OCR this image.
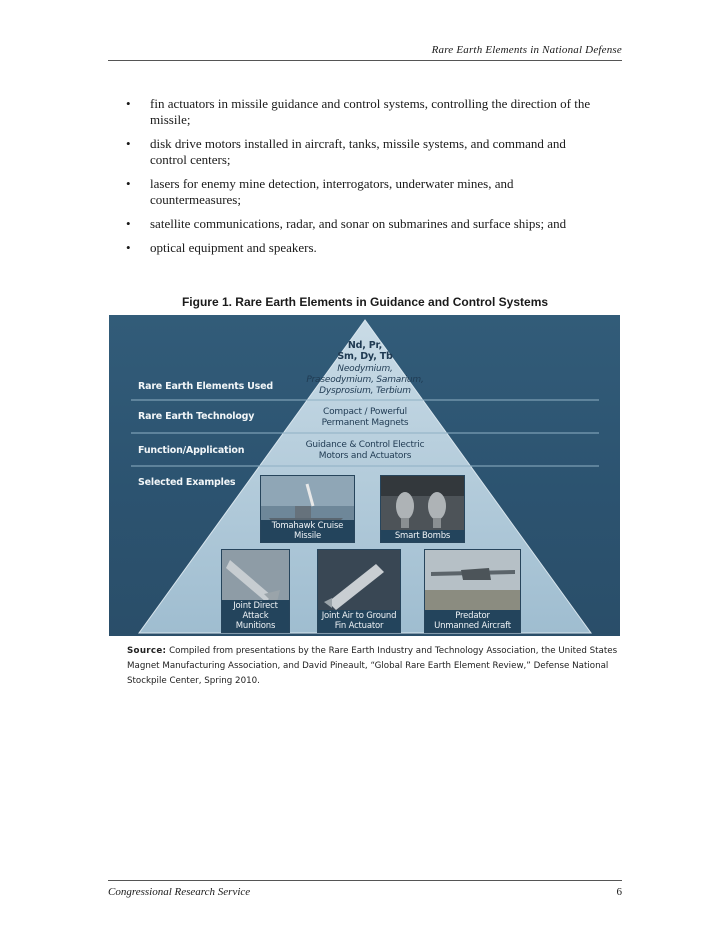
Rare Earth Elements in National Defense
• fin actuators in missile guidance and control systems, controlling the direction of the missile;
• disk drive motors installed in aircraft, tanks, missile systems, and command and control centers;
• lasers for enemy mine detection, interrogators, underwater mines, and countermeasures;
• satellite communications, radar, and sonar on submarines and surface ships; and
• optical equipment and speakers.
Figure 1. Rare Earth Elements in Guidance and Control Systems
Rare Earth Elements Used
Rare Earth Technology
Function/Application
Selected Examples
Nd, Pr,
Sm, Dy, Tb
Neodymium,
Praseodymium, Samarium,
Dysprosium, Terbium
Compact / Powerful
Permanent Magnets
Guidance & Control Electric
Motors and Actuators
Tomahawk Cruise Missile	Smart Bombs
Joint Direct
Attack Munitions
Joint Air to Ground
Fin Actuator
Predator
Unmanned Aircraft
Source: Compiled from presentations by the Rare Earth Industry and Technology Association, the United States Magnet Manufacturing Association, and David Pineault, “Global Rare Earth Element Review,” Defense National Stockpile Center, Spring 2010.
Congressional Research Service	6
